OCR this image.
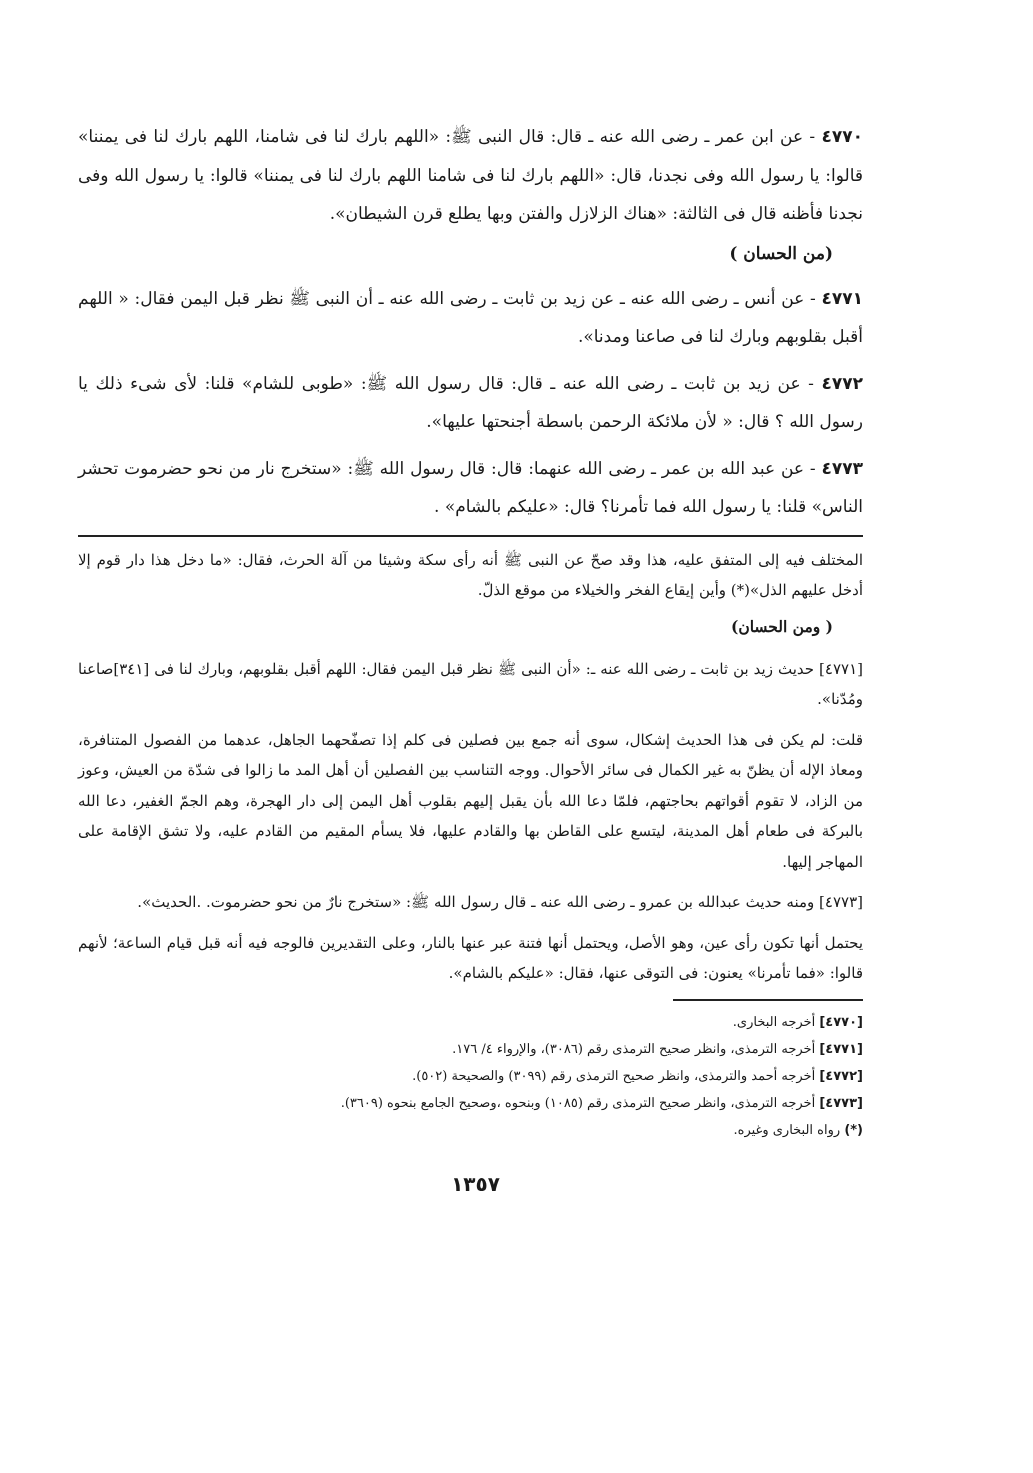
٤٧٧٠ - عن ابن عمر ـ رضى الله عنه ـ قال: قال النبى ﷺ: «اللهم بارك لنا فى شامنا، اللهم بارك لنا فى يمننا» قالوا: يا رسول الله وفى نجدنا، قال: «اللهم بارك لنا فى شامنا اللهم بارك لنا فى يمننا» قالوا: يا رسول الله وفى نجدنا فأظنه قال فى الثالثة: «هناك الزلازل والفتن وبها يطلع قرن الشيطان».
(من الحسان )
٤٧٧١ - عن أنس ـ رضى الله عنه ـ عن زيد بن ثابت ـ رضى الله عنه ـ أن النبى ﷺ نظر قبل اليمن فقال: « اللهم أقبل بقلوبهم وبارك لنا فى صاعنا ومدنا».
٤٧٧٢ - عن زيد بن ثابت ـ رضى الله عنه ـ قال: قال رسول الله ﷺ: «طوبى للشام» قلنا: لأى شىء ذلك يا رسول الله ؟ قال: « لأن ملائكة الرحمن باسطة أجنحتها عليها».
٤٧٧٣ - عن عبد الله بن عمر ـ رضى الله عنهما: قال: قال رسول الله ﷺ: «ستخرج نار من نحو حضرموت تحشر الناس» قلنا: يا رسول الله فما تأمرنا؟ قال: «عليكم بالشام» .
المختلف فيه إلى المتفق عليه، هذا وقد صحّ عن النبى ﷺ أنه رأى سكة وشيئا من آلة الحرث، فقال: «ما دخل هذا دار قوم إلا أدخل عليهم الذل»(*) وأين إيقاع الفخر والخيلاء من موقع الذلّ.
( ومن الحسان)
[٤٧٧١] حديث زيد بن ثابت ـ رضى الله عنه ـ: «أن النبى ﷺ نظر قبل اليمن فقال: اللهم أقبل بقلوبهم، وبارك لنا فى [٣٤١]صاعنا ومُدّنا».
قلت: لم يكن فى هذا الحديث إشكال، سوى أنه جمع بين فصلين فى كلم إذا تصفّحهما الجاهل، عدهما من الفصول المتنافرة، ومعاذ الإله أن يظنّ به غير الكمال فى سائر الأحوال. ووجه التناسب بين الفصلين أن أهل المد ما زالوا فى شدّة من العيش، وعوز من الزاد، لا تقوم أقواتهم بحاجتهم، فلمّا دعا الله بأن يقبل إليهم بقلوب أهل اليمن إلى دار الهجرة، وهم الجمّ الغفير، دعا الله بالبركة فى طعام أهل المدينة، ليتسع على القاطن بها والقادم عليها، فلا يسأم المقيم من القادم عليه، ولا تشق الإقامة على المهاجر إليها.
[٤٧٧٣] ومنه حديث عبدالله بن عمرو ـ رضى الله عنه ـ قال رسول الله ﷺ: «ستخرج نارٌ من نحو حضرموت. .الحديث».
يحتمل أنها تكون رأى عين، وهو الأصل، ويحتمل أنها فتنة عبر عنها بالنار، وعلى التقديرين فالوجه فيه أنه قبل قيام الساعة؛ لأنهم قالوا: «فما تأمرنا» يعنون: فى التوقى عنها، فقال: «عليكم بالشام».
[٤٧٧٠] أخرجه البخارى.
[٤٧٧١] أخرجه الترمذى، وانظر صحيح الترمذى رقم (٣٠٨٦)، والإرواء ٤/ ١٧٦.
[٤٧٧٢] أخرجه أحمد والترمذى، وانظر صحيح الترمذى رقم (٣٠٩٩) والصحيحة (٥٠٢).
[٤٧٧٣] أخرجه الترمذى، وانظر صحيح الترمذى رقم (١٠٨٥) وبنحوه ،وصحيح الجامع بنحوه (٣٦٠٩).
(*) رواه البخارى وغيره.
١٣٥٧
